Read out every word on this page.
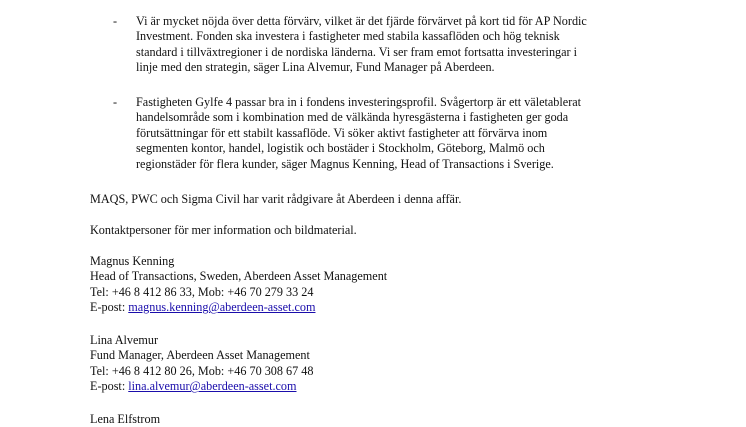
-	Vi är mycket nöjda över detta förvärv, vilket är det fjärde förvärvet på kort tid för AP Nordic
Investment. Fonden ska investera i fastigheter med stabila kassaflöden och hög teknisk
standard i tillväxtregioner i de nordiska länderna. Vi ser fram emot fortsatta investeringar i
linje med den strategin, säger Lina Alvemur, Fund Manager på Aberdeen.
-	Fastigheten Gylfe 4 passar bra in i fondens investeringsprofil. Svågertorp är ett väletablerat
handelsområde som i kombination med de välkända hyresgästerna i fastigheten ger goda
förutsättningar för ett stabilt kassaflöde. Vi söker aktivt fastigheter att förvärva inom
segmenten kontor, handel, logistik och bostäder i Stockholm, Göteborg, Malmö och
regionstäder för flera kunder, säger Magnus Kenning, Head of Transactions i Sverige.
MAQS, PWC och Sigma Civil har varit rådgivare åt Aberdeen i denna affär.
Kontaktpersoner för mer information och bildmaterial.
Magnus Kenning
Head of Transactions, Sweden, Aberdeen Asset Management
Tel: +46 8 412 86 33, Mob: +46 70 279 33 24
E-post: magnus.kenning@aberdeen-asset.com
Lina Alvemur
Fund Manager, Aberdeen Asset Management
Tel: +46 8 412 80 26, Mob: +46 70 308 67 48
E-post: lina.alvemur@aberdeen-asset.com
Lena Elfstrom
